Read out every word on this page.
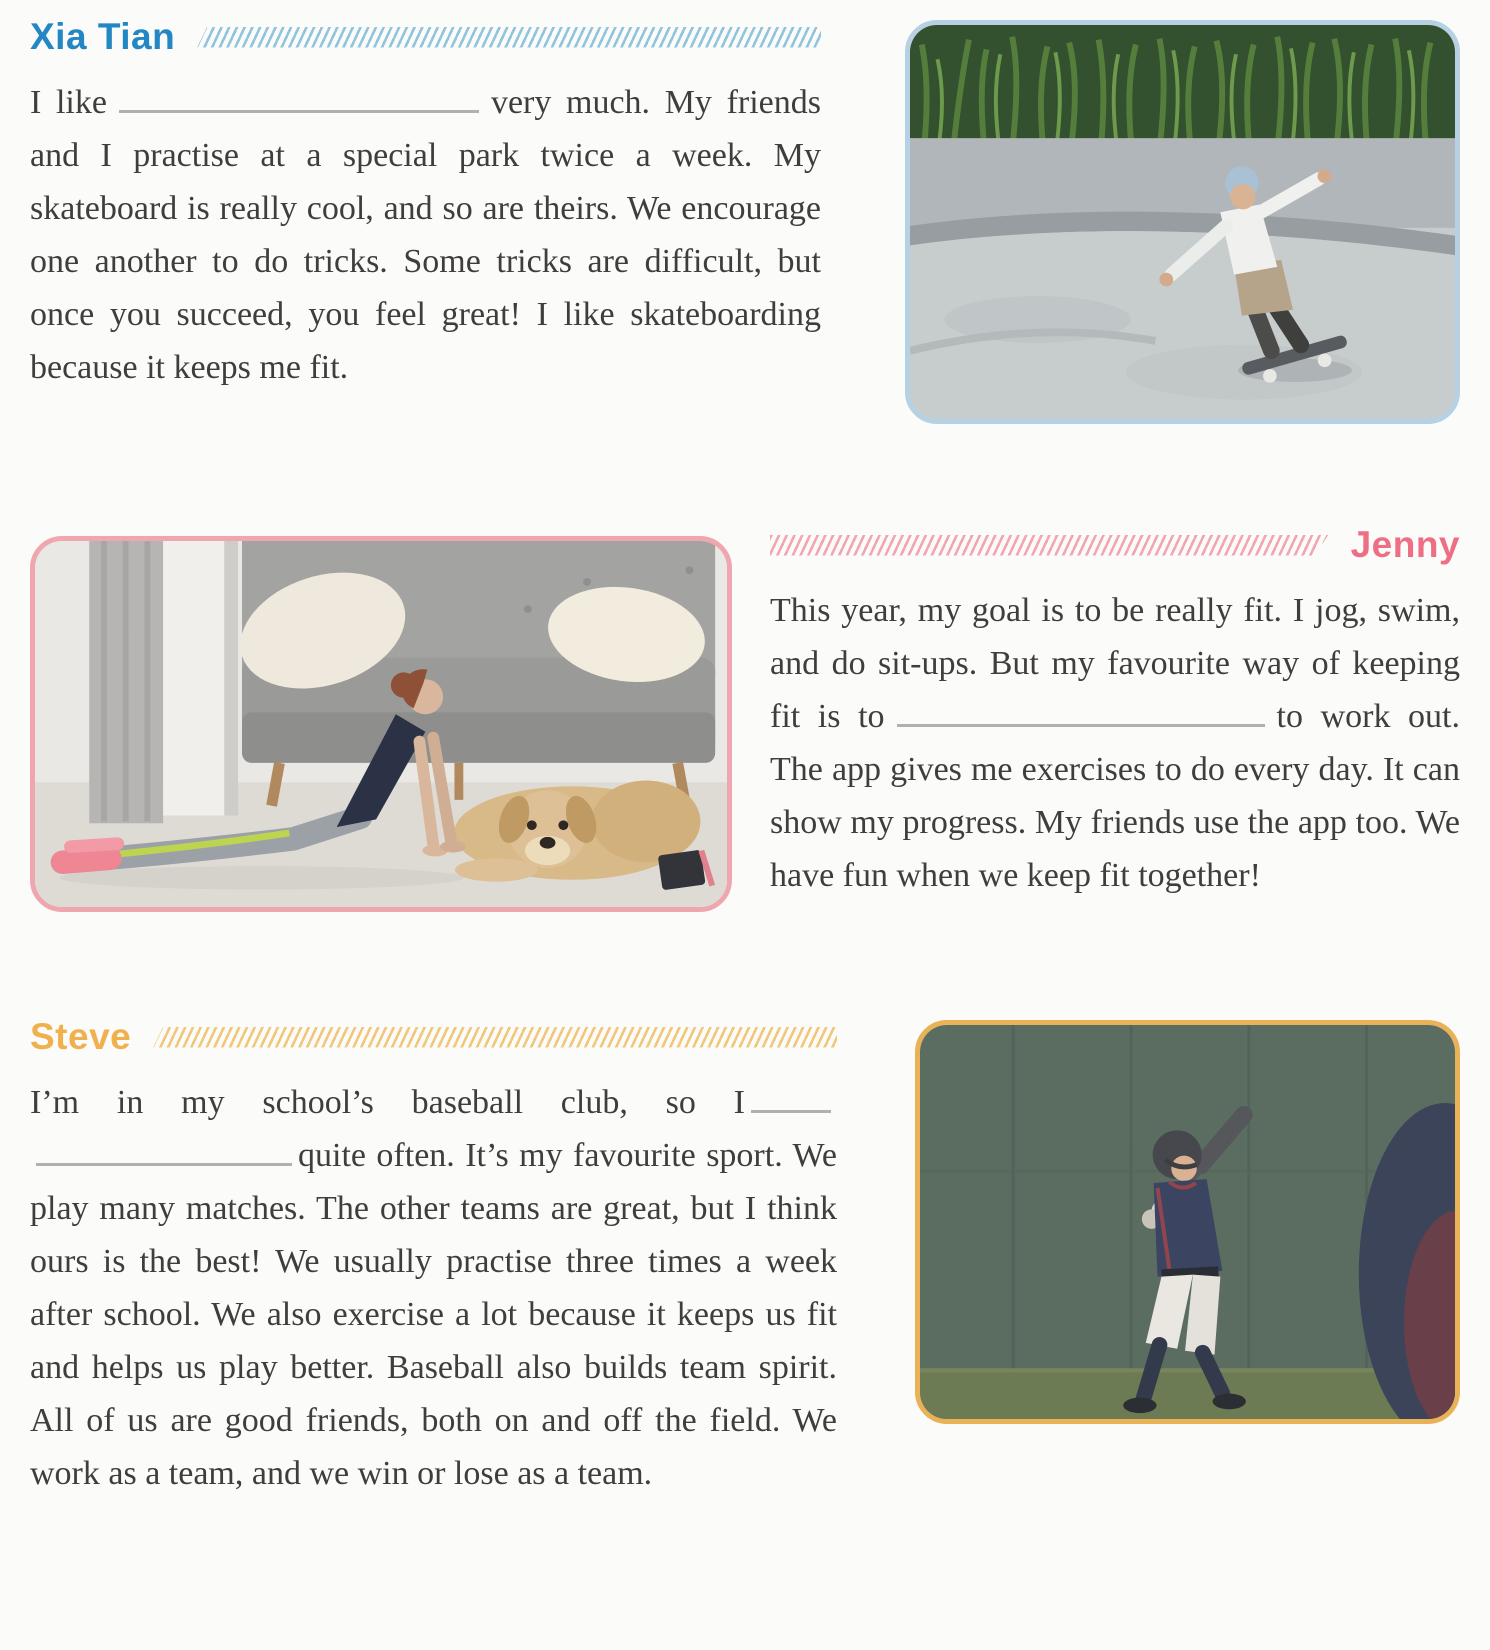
Xia Tian

I like	very much. My friends and I practise at a special park twice a week. My skateboard is really cool, and so are theirs. We encourage one another to do tricks. Some tricks are difficult, but once you succeed, you feel great! I like skateboarding because it keeps me fit.

Jenny

This year, my goal is to be really fit. I jog, swim, and do sit-ups. But my favourite way of keeping fit is to	to work out. The app gives me exercises to do every day. It can show my progress. My friends use the app too. We have fun when we keep fit together!

Steve

I’m in my school’s baseball club, so I quite often. It’s my favourite sport. We play many matches. The other teams are great, but I think ours is the best! We usually practise three times a week after school. We also exercise a lot because it keeps us fit and helps us play better. Baseball also builds team spirit. All of us are good friends, both on and off the field. We work as a team, and we win or lose as a team.
